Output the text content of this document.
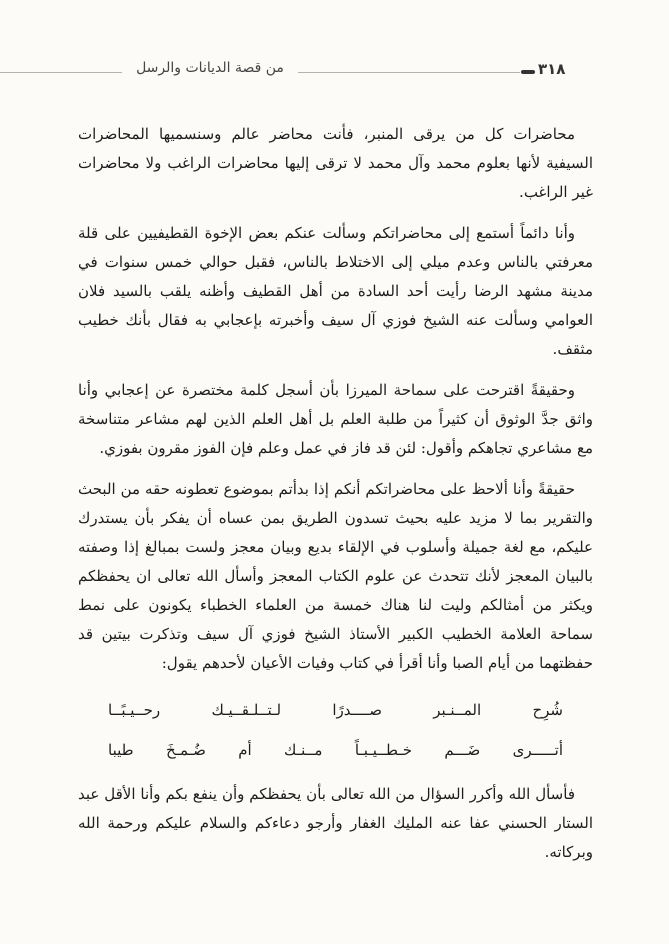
من قصة الديانات والرسل	٣١٨

محاضرات كل من يرقى المنبر، فأنت محاضر عالم وسنسميها المحاضرات السيفية لأنها بعلوم محمد وآل محمد لا ترقى إليها محاضرات الراغب ولا محاضرات غير الراغب.

وأنا دائماً أستمع إلى محاضراتكم وسألت عنكم بعض الإخوة القطيفيين على قلة معرفتي بالناس وعدم ميلي إلى الاختلاط بالناس، فقبل حوالي خمس سنوات في مدينة مشهد الرضا رأيت أحد السادة من أهل القطيف وأظنه يلقب بالسيد فلان العوامي وسألت عنه الشيخ فوزي آل سيف وأخبرته بإعجابي به فقال بأنك خطيب مثقف.

وحقيقةً اقترحت على سماحة الميرزا بأن أسجل كلمة مختصرة عن إعجابي وأنا واثق جدَّ الوثوق أن كثيراً من طلبة العلم بل أهل العلم الذين لهم مشاعر متناسخة مع مشاعري تجاهكم وأقول: لئن قد فاز في عمل وعلم فإن الفوز مقرون بفوزي.

حقيقةً وأنا ألاحظ على محاضراتكم أنكم إذا بدأتم بموضوع تعطونه حقه من البحث والتقرير بما لا مزيد عليه بحيث تسدون الطريق بمن عساه أن يفكر بأن يستدرك عليكم، مع لغة جميلة وأسلوب في الإلقاء بديع وبيان معجز ولست بمبالغ إذا وصفته بالبيان المعجز لأنك تتحدث عن علوم الكتاب المعجز وأسأل الله تعالى ان يحفظكم ويكثر من أمثالكم وليت لنا هناك خمسة من العلماء الخطباء يكونون على نمط سماحة العلامة الخطيب الكبير الأستاذ الشيخ فوزي آل سيف وتذكرت بيتين قد حفظتهما من أيام الصبا وأنا أقرأ في كتاب وفيات الأعيان لأحدهم يقول:

شُرِح
المــنـبر
صــــدرًا
لـتــلـقــيـك
رحــيـبًــا
أتـــــرى
ضَـــم
خـطــيـبـاً
مــنـك
أم
ضُـمـخَ
طيبا

فأسأل الله وأكرر السؤال من الله تعالى بأن يحفظكم وأن ينفع بكم وأنا الأقل عبد الستار الحسني عفا عنه المليك الغفار وأرجو دعاءكم والسلام عليكم ورحمة الله وبركاته.
